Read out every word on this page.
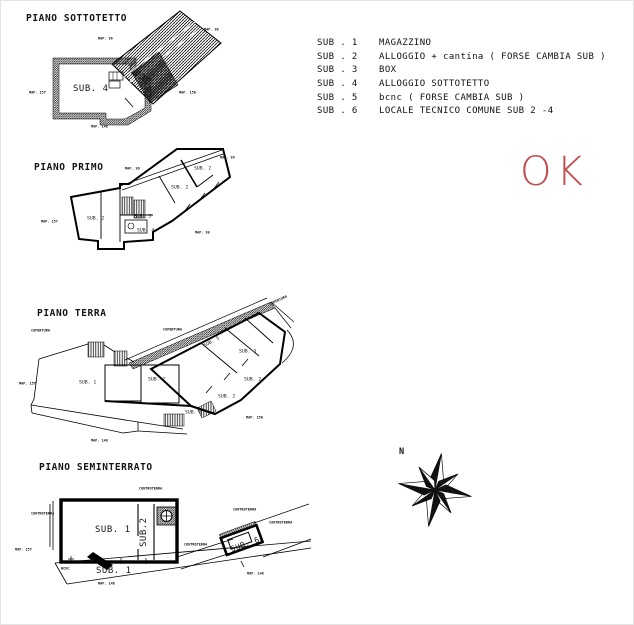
PIANO SOTTOTETTO
PIANO PRIMO
PIANO TERRA
PIANO SEMINTERRATO
SUB . 1	MAGAZZINO
SUB . 2	ALLOGGIO + cantina ( FORSE CAMBIA SUB )
SUB . 3	BOX
SUB . 4	ALLOGGIO SOTTOTETTO
SUB . 5	bcnc ( FORSE CAMBIA SUB )
SUB . 6	LOCALE TECNICO COMUNE SUB 2 -4
OK
N
SUB. 4
MAP. 96
MAP. 98
MAP. 157	MAP. 150
MAP. 148
SUB. 2
SUB. 2
SUB. 2	SUB. 5
SUB. 4
MAP. 96
MAP. 99
MAP. 157
MAP. 98
SUB. 1
SUB. 2	SUB. 2
SUB. 2
SUB. 3
SUB. 5
SUB. 6
COPERTURA	COPERTURA
COPERTURA
MAP. 157
MAP. 148
MAP. 150
SUB. 1 SUB.2
SUB. 1
SUB. 6
BCNC
CONTROTERRA
CONTROTERRA
CONTROTERRA
CONTROTERRA
CONTROTERRA
MAP. 157
MAP. 148
MAP. 148
